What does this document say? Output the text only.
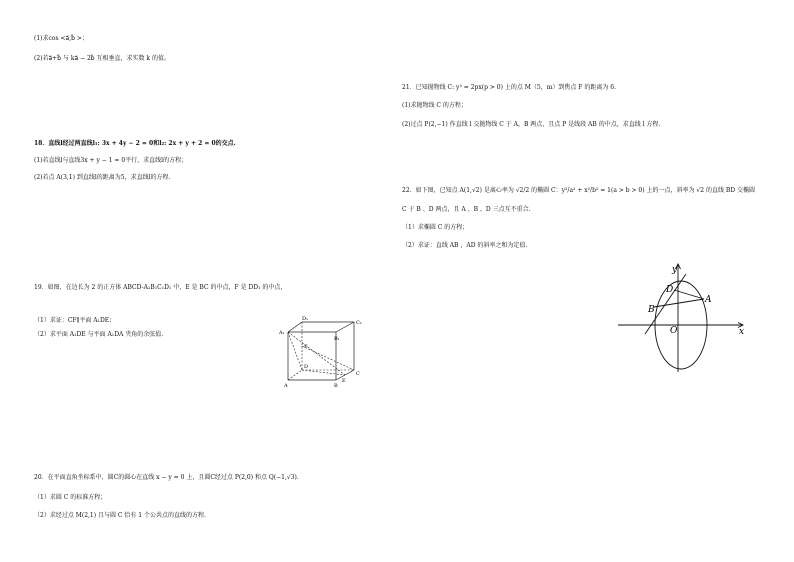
(1)求cos <a⃗,b⃗ >；
(2)若a⃗+b⃗ 与 ka⃗ − 2b⃗ 互相垂直，求实数 k 的值。
18．直线l经过两直线l₁: 3x + 4y − 2 = 0和l₂: 2x + y + 2 = 0的交点.
(1)若直线l与直线3x + y − 1 = 0平行，求直线l的方程；
(2)若点 A(3,1) 到直线l的距离为5，求直线l的方程.
19．如图，在边长为 2 的正方体 ABCD-A₁B₁C₁D₁ 中，E 是 BC 的中点，F 是 DD₁ 的中点，
（1）求证：CF∥平面 A₁DE；
（2）求平面 A₁DE 与平面 A₁DA 夹角的余弦值.	A₁
B₁
C₁
D₁
A	B
C
D
E
F
20．在平面直角坐标系中，圆C的圆心在直线 x − y = 0 上，且圆C经过点 P(2,0) 和点 Q(−1,√3).
（1）求圆 C 的标准方程；
（2）求经过点 M(2,1) 且与圆 C 恰有 1 个公共点的直线的方程.
21．已知抛物线 C: y² = 2px(p > 0) 上的点 M（5，m）到焦点 F 的距离为 6.
(1)求抛物线 C 的方程；
(2)过点 P(2,−1) 作直线 l 交抛物线 C 于 A，B 两点，且点 P 是线段 AB 的中点，求直线 l 方程.
22．如下图，已知点 A(1,√2) 是离心率为 √2/2 的椭圆 C：y²/a² + x²/b² = 1(a > b > 0) 上的一点，斜率为 √2 的直线 BD 交椭圆
C 于 B 、D 两点，且 A 、B 、D 三点互不重合.
（1）求椭圆 C 的方程；
（2）求证：直线 AB ，AD 的斜率之和为定值.
y
x
O
A
B
D
